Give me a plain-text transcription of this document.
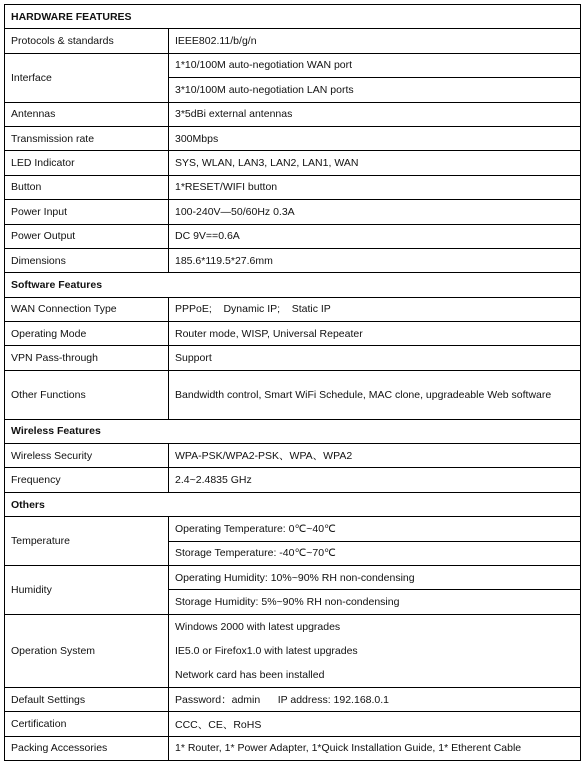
HARDWARE FEATURES	
Protocols & standards	IEEE802.11/b/g/n
Interface	1*10/100M auto-negotiation WAN port
	3*10/100M auto-negotiation LAN ports
Antennas	3*5dBi external antennas
Transmission rate	300Mbps
LED Indicator	SYS, WLAN, LAN3, LAN2, LAN1, WAN
Button	1*RESET/WIFI button
Power Input	100-240V—50/60Hz 0.3A
Power Output	DC 9V==0.6A
Dimensions	185.6*119.5*27.6mm
Software Features	
WAN Connection Type	PPPoE;    Dynamic IP;    Static IP
Operating Mode	Router mode, WISP, Universal Repeater
VPN Pass-through	Support
Other Functions	Bandwidth control, Smart WiFi Schedule, MAC clone, upgradeable Web software
Wireless Features	
Wireless Security	WPA-PSK/WPA2-PSK、WPA、WPA2
Frequency	2.4~2.4835 GHz
Others	
Temperature	Operating Temperature: 0℃~40℃
	Storage Temperature: -40℃~70℃
Humidity	Operating Humidity: 10%~90% RH non-condensing
	Storage Humidity: 5%~90% RH non-condensing
Operation System	Windows 2000 with latest upgrades
	IE5.0 or Firefox1.0 with latest upgrades
	Network card has been installed
Default Settings	Password：admin      IP address: 192.168.0.1
Certification	CCC、CE、RoHS
Packing Accessories	1* Router, 1* Power Adapter, 1*Quick Installation Guide, 1* Etherent Cable
